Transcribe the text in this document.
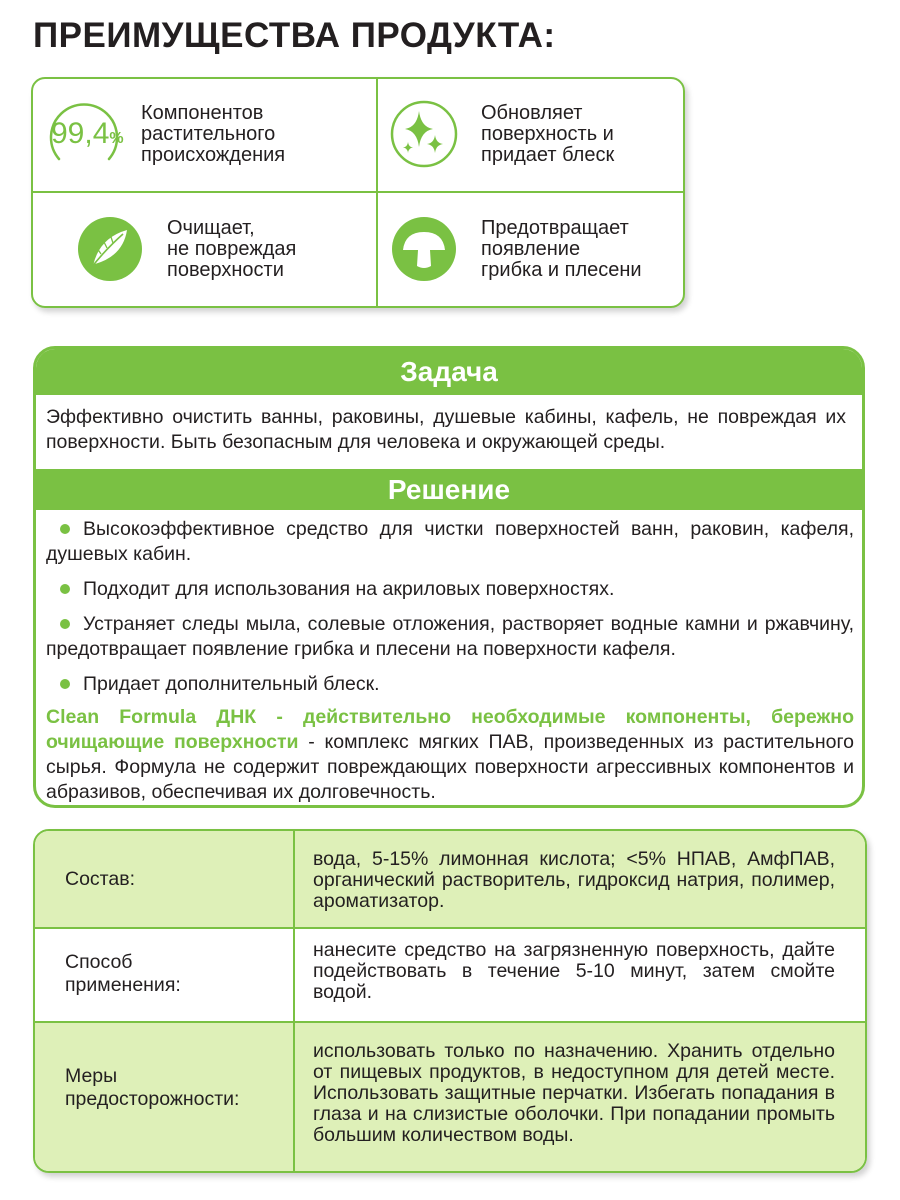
ПРЕИМУЩЕСТВА ПРОДУКТА:
99,4%
Компонентов
растительного
происхождения
Обновляет
поверхность и
придает блеск
Очищает,
не повреждая
поверхности
Предотвращает
появление
грибка и плесени
Задача
Эффективно очистить ванны, раковины, душевые кабины, кафель, не повреждая их поверхности. Быть безопасным для человека и окружающей среды.
Решение
Высокоэффективное средство для чистки поверхностей ванн, раковин, кафеля, душевых кабин.
Подходит для использования на акриловых поверхностях.
Устраняет следы мыла, солевые отложения, растворяет водные камни и ржавчину, предотвращает появление грибка и плесени на поверхности кафеля.
Придает дополнительный блеск.
Clean Formula ДНК - действительно необходимые компоненты, бережно очищающие поверхности - комплекс мягких ПАВ, произведенных из растительного сырья. Формула не содержит повреждающих поверхности агрессивных компонентов и абразивов, обеспечивая их долговечность.
Состав:
вода, 5-15% лимонная кислота; <5% НПАВ, АмфПАВ, органический растворитель, гидроксид натрия, полимер, ароматизатор.
Способ
применения:
нанесите средство на загрязненную поверхность, дайте подействовать в течение 5-10 минут, затем смойте водой.
Меры
предосторожности:
использовать только по назначению. Хранить отдельно от пищевых продуктов, в недоступном для детей месте. Использовать защитные перчатки. Избегать попадания в глаза и на слизистые оболочки. При попадании промыть большим количеством воды.
